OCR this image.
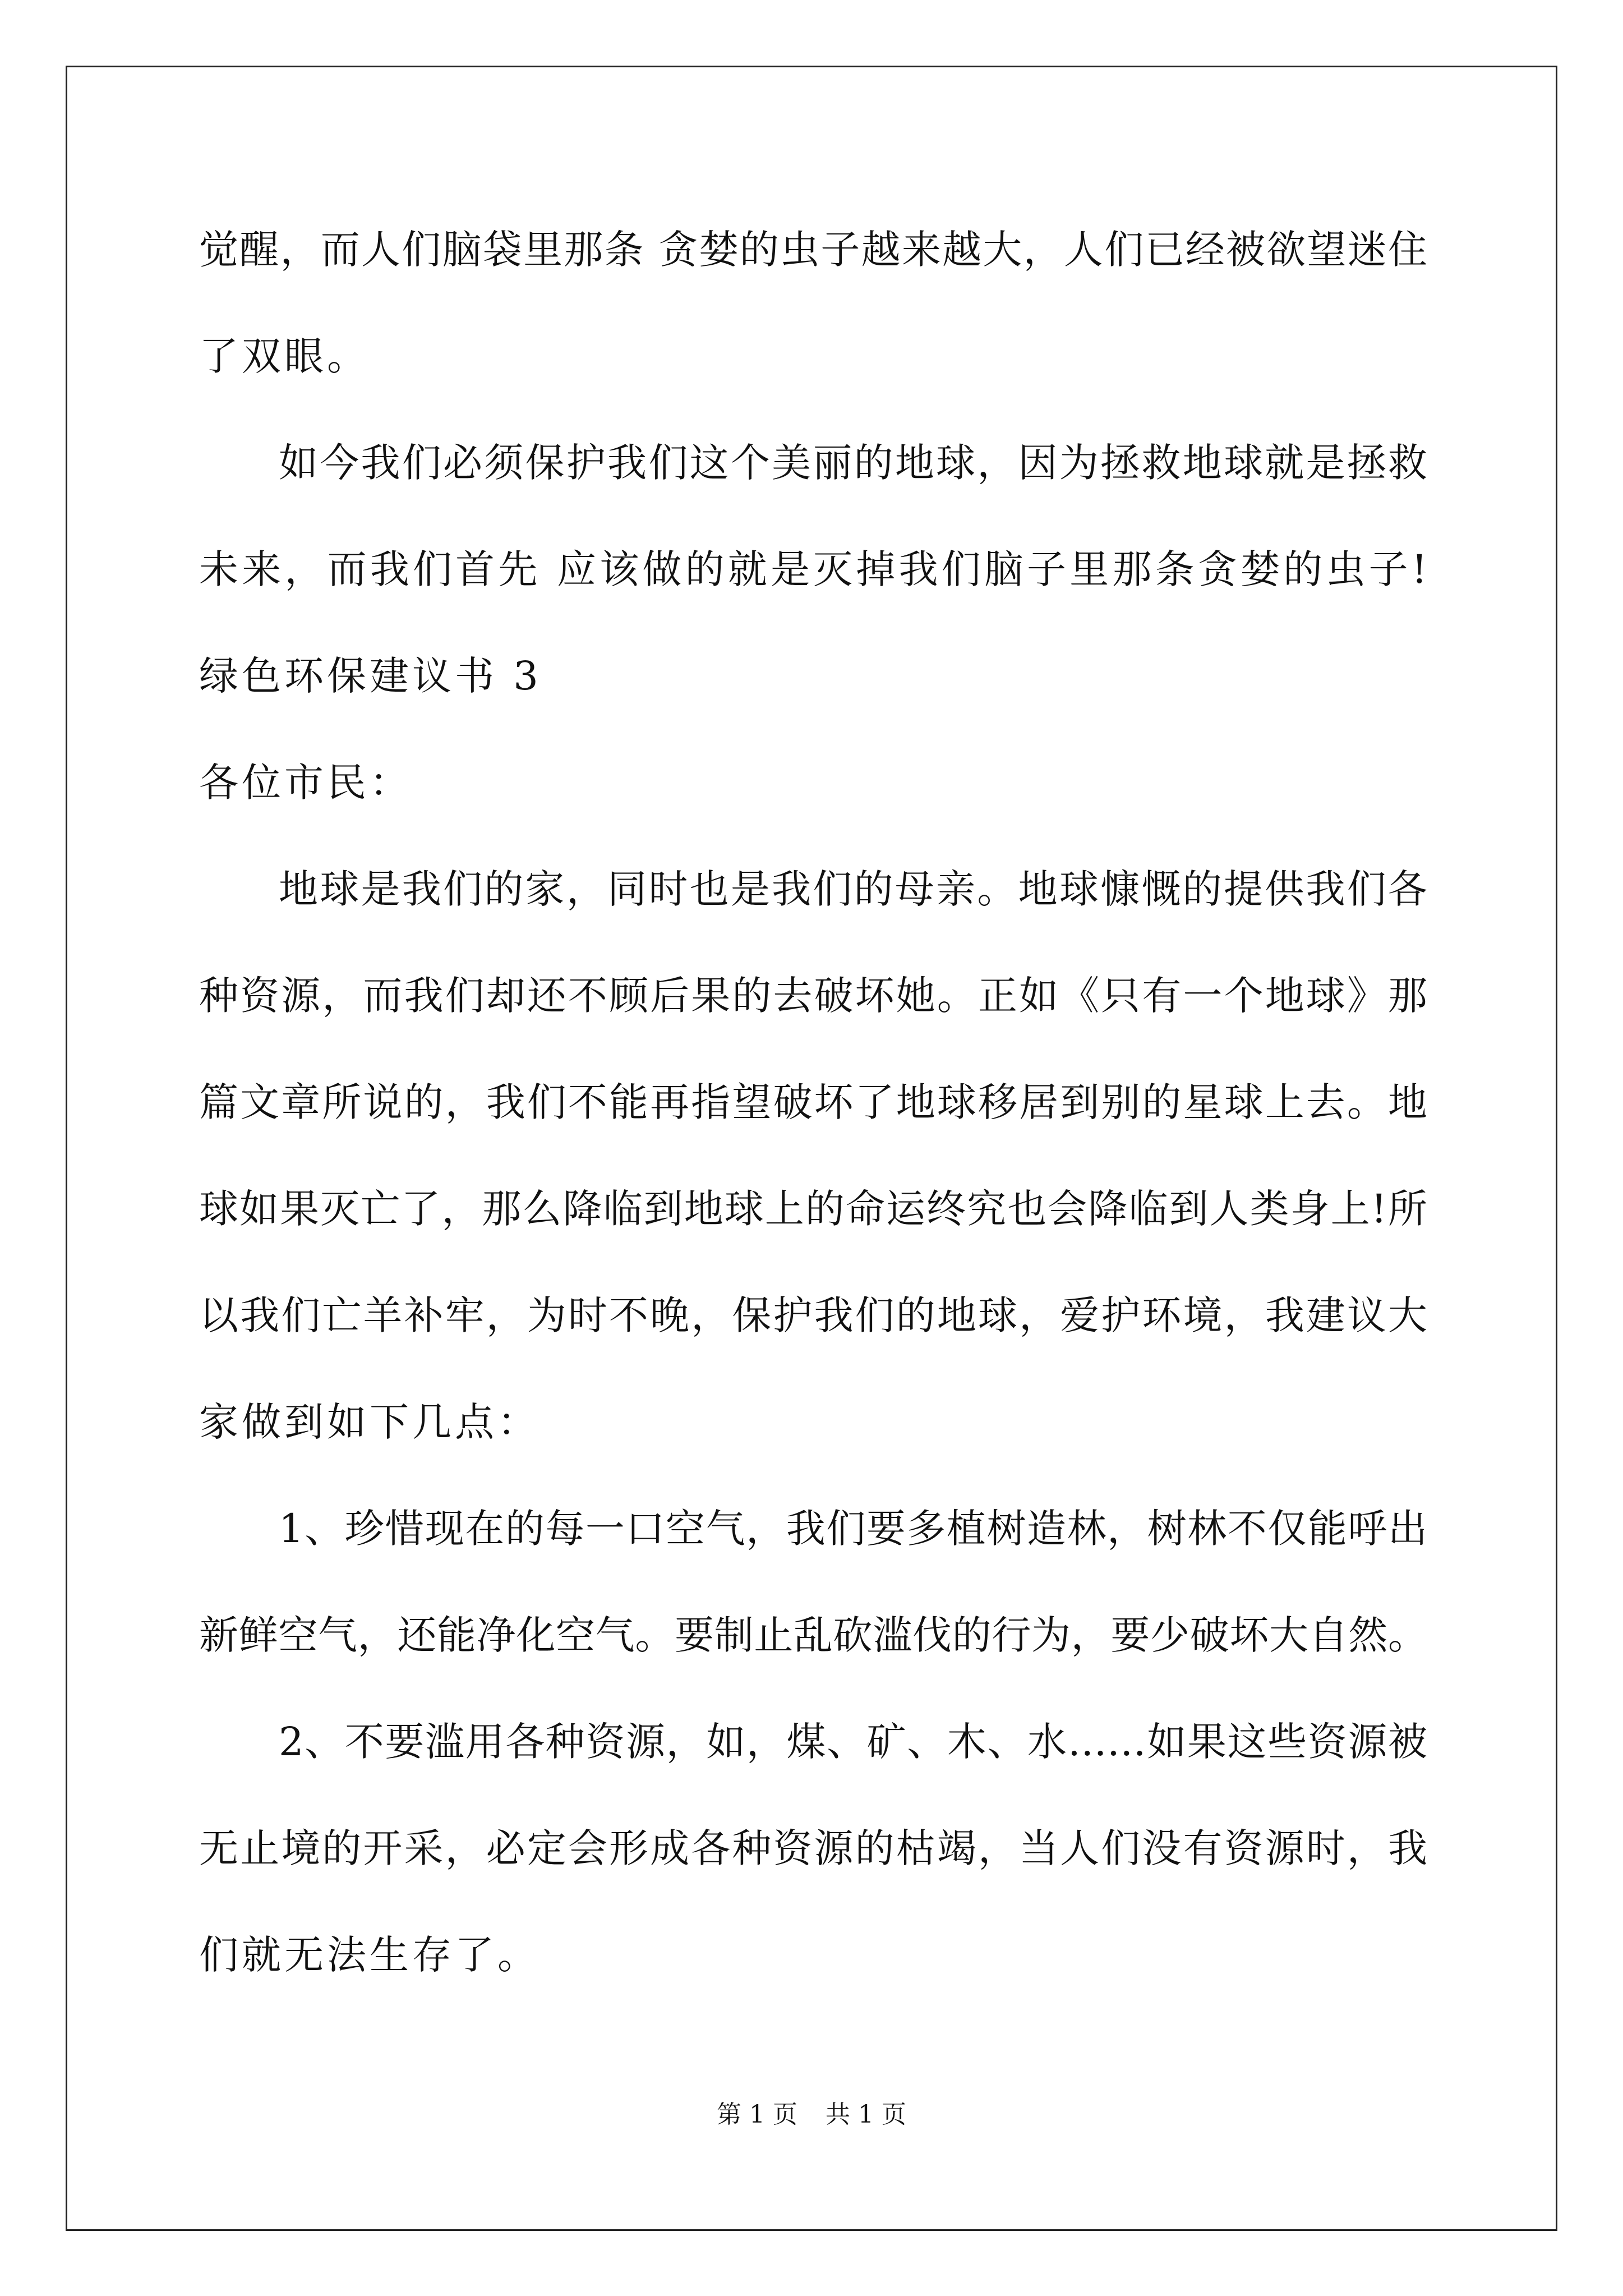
觉醒，而人们脑袋里那条 贪婪的虫子越来越大，人们已经被欲望迷住
了双眼。
如今我们必须保护我们这个美丽的地球，因为拯救地球就是拯救
未来，而我们首先 应该做的就是灭掉我们脑子里那条贪婪的虫子!
绿色环保建议书 3
各位市民：
地球是我们的家，同时也是我们的母亲。地球慷慨的提供我们各
种资源，而我们却还不顾后果的去破坏她。正如《只有一个地球》那
篇文章所说的，我们不能再指望破坏了地球移居到别的星球上去。地
球如果灭亡了，那么降临到地球上的命运终究也会降临到人类身上!所
以我们亡羊补牢，为时不晚，保护我们的地球，爱护环境，我建议大
家做到如下几点：
1、珍惜现在的每一口空气，我们要多植树造林，树林不仅能呼出
新鲜空气，还能净化空气。要制止乱砍滥伐的行为，要少破坏大自然。
2、不要滥用各种资源，如，煤、矿、木、水……如果这些资源被
无止境的开采，必定会形成各种资源的枯竭，当人们没有资源时，我
们就无法生存了。
第 1 页 共 1 页
